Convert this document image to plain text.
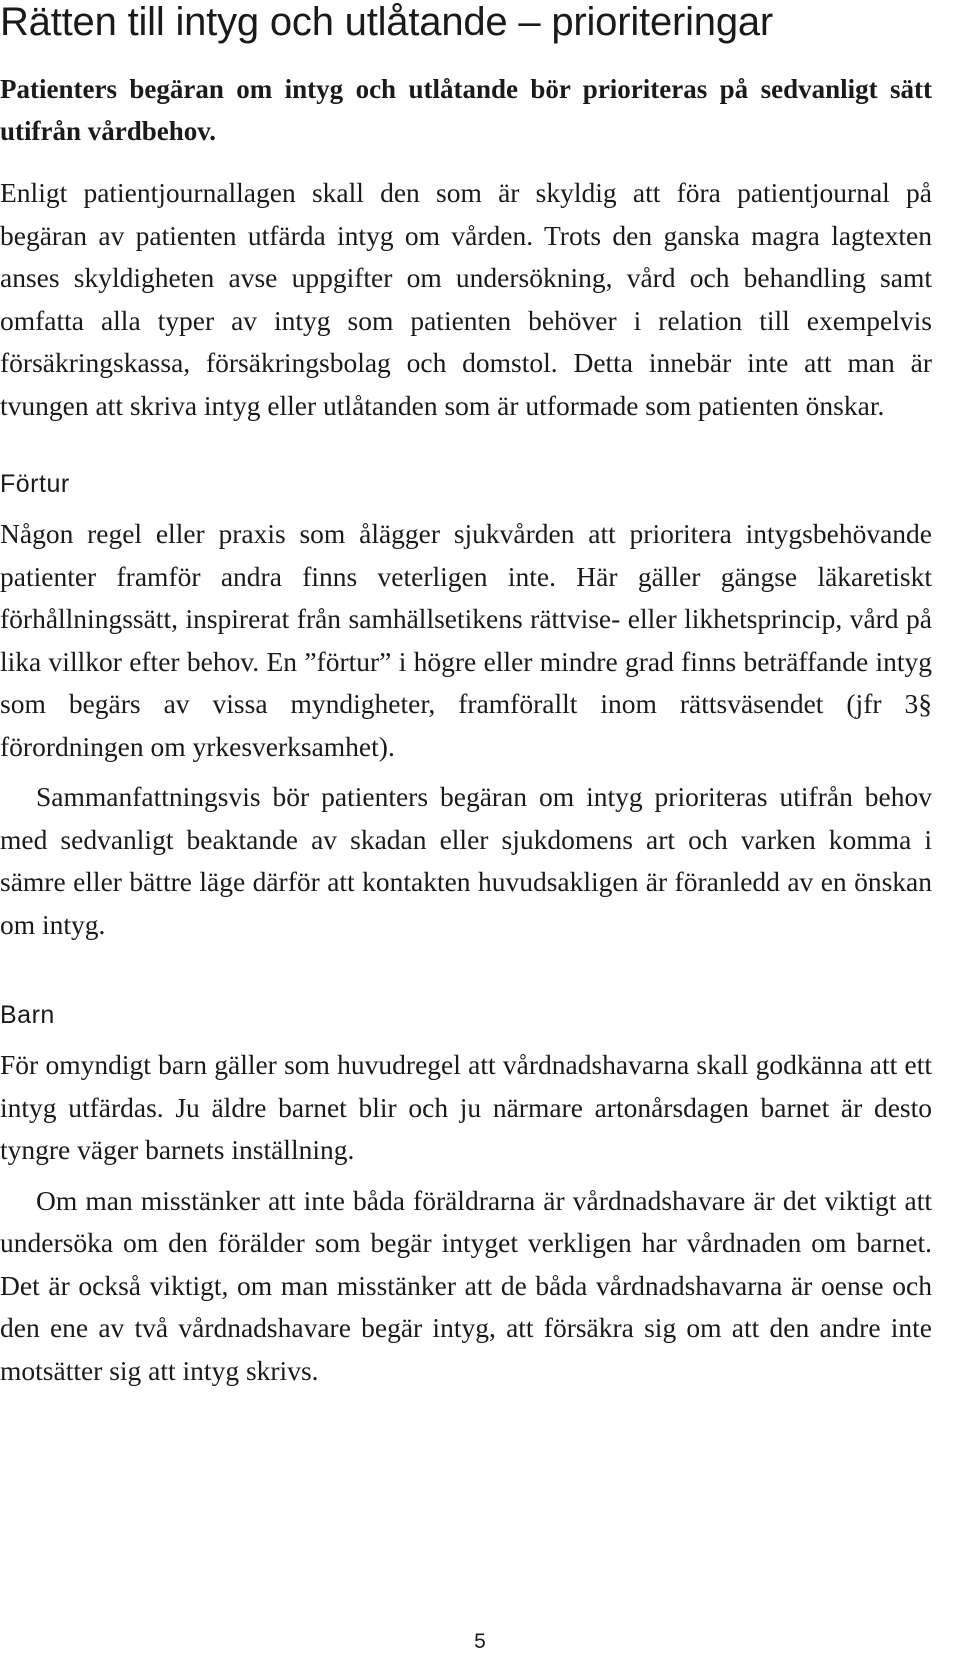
Rätten till intyg och utlåtande – prioriteringar

Patienters begäran om intyg och utlåtande bör prioriteras på sedvanligt sätt utifrån vårdbehov.

Enligt patientjournallagen skall den som är skyldig att föra patientjournal på begäran av patienten utfärda intyg om vården. Trots den ganska magra lagtexten anses skyldigheten avse uppgifter om undersökning, vård och behandling samt omfatta alla typer av intyg som patienten behöver i relation till exempelvis försäkringskassa, försäkringsbolag och domstol. Detta innebär inte att man är tvungen att skriva intyg eller utlåtanden som är utformade som patienten önskar.

Förtur

Någon regel eller praxis som ålägger sjukvården att prioritera intygsbehövande patienter framför andra finns veterligen inte. Här gäller gängse läkaretiskt förhållningssätt, inspirerat från samhällsetikens rättvise- eller likhetsprincip, vård på lika villkor efter behov. En ”förtur” i högre eller mindre grad finns beträffande intyg som begärs av vissa myndigheter, framförallt inom rättsväsendet (jfr 3§ förordningen om yrkesverksamhet).

Sammanfattningsvis bör patienters begäran om intyg prioriteras utifrån behov med sedvanligt beaktande av skadan eller sjukdomens art och varken komma i sämre eller bättre läge därför att kontakten huvudsakligen är föranledd av en önskan om intyg.

Barn

För omyndigt barn gäller som huvudregel att vårdnadshavarna skall godkänna att ett intyg utfärdas. Ju äldre barnet blir och ju närmare artonårsdagen barnet är desto tyngre väger barnets inställning.

Om man misstänker att inte båda föräldrarna är vårdnadshavare är det viktigt att undersöka om den förälder som begär intyget verkligen har vårdnaden om barnet. Det är också viktigt, om man misstänker att de båda vårdnadshavarna är oense och den ene av två vårdnadshavare begär intyg, att försäkra sig om att den andre inte motsätter sig att intyg skrivs.

5
